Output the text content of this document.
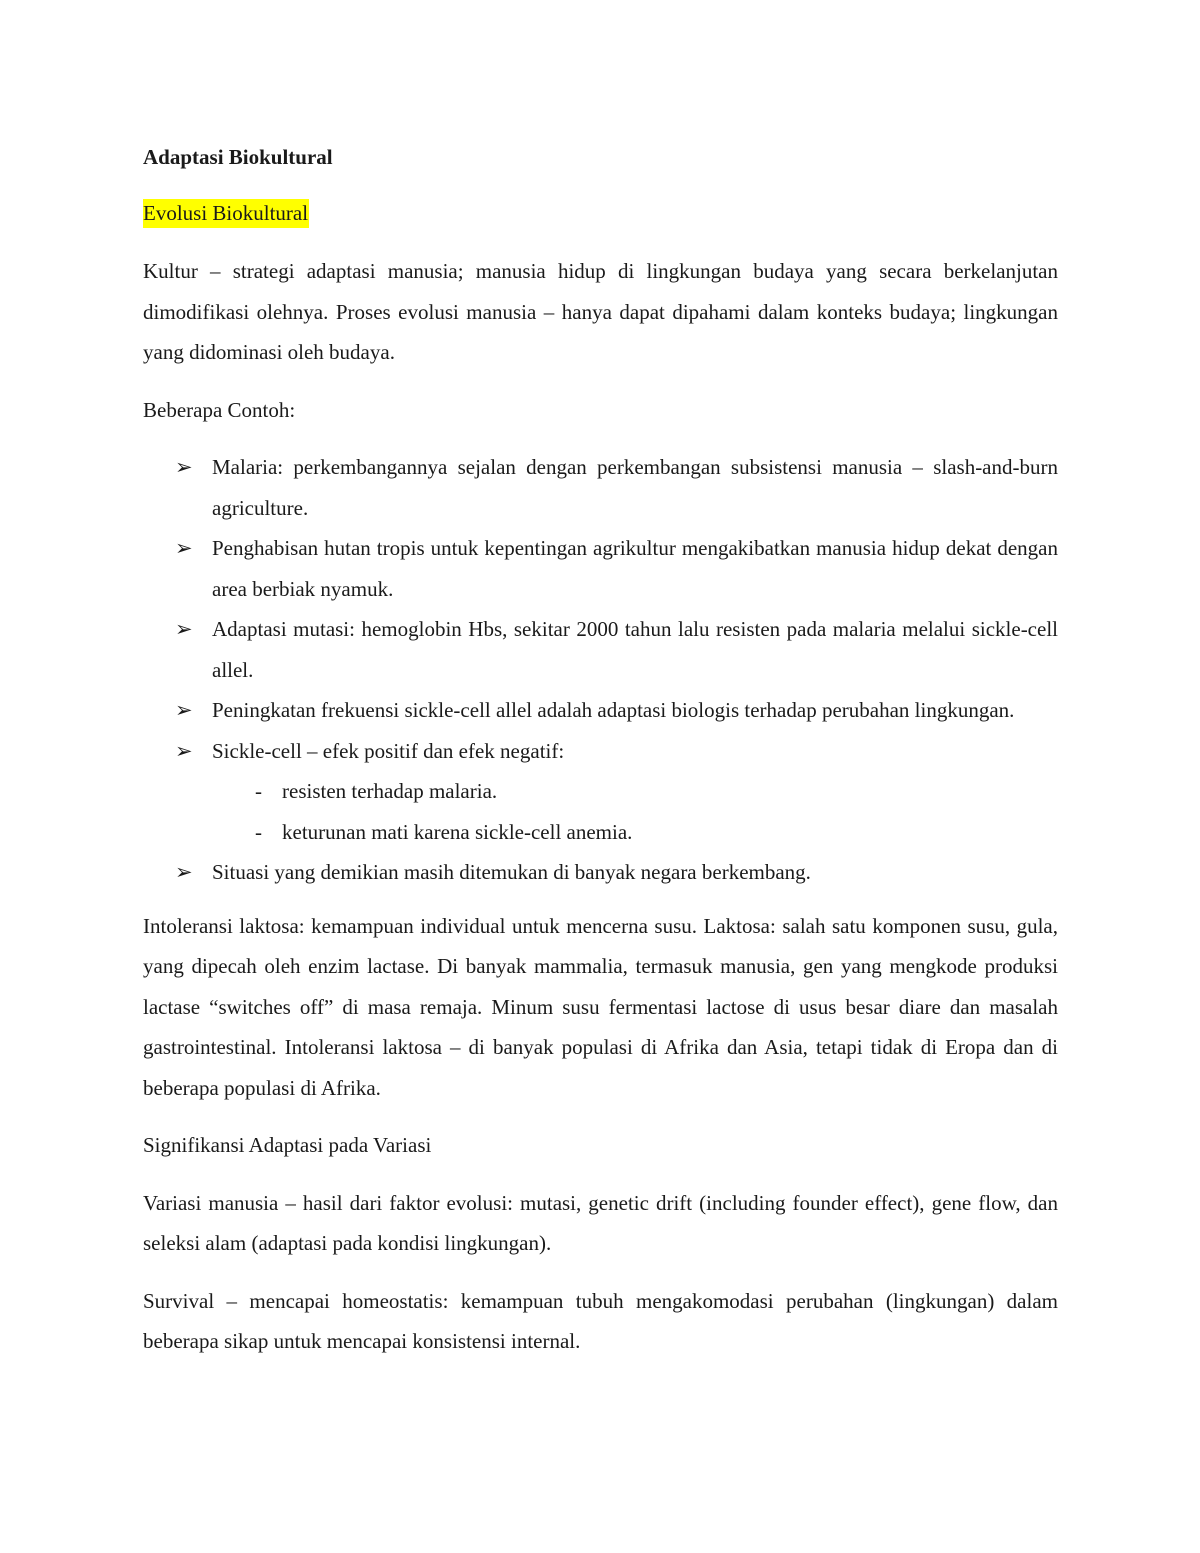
Adaptasi Biokultural
Evolusi Biokultural

Kultur – strategi adaptasi manusia; manusia hidup di lingkungan budaya yang secara berkelanjutan dimodifikasi olehnya. Proses evolusi manusia – hanya dapat dipahami dalam konteks budaya; lingkungan yang didominasi oleh budaya.

Beberapa Contoh:

➢ Malaria: perkembangannya sejalan dengan perkembangan subsistensi manusia – slash-and-burn agriculture.
➢ Penghabisan hutan tropis untuk kepentingan agrikultur mengakibatkan manusia hidup dekat dengan area berbiak nyamuk.
➢ Adaptasi mutasi: hemoglobin Hbs, sekitar 2000 tahun lalu resisten pada malaria melalui sickle-cell allel.
➢ Peningkatan frekuensi sickle-cell allel adalah adaptasi biologis terhadap perubahan lingkungan.
➢ Sickle-cell – efek positif dan efek negatif:
- resisten terhadap malaria.
- keturunan mati karena sickle-cell anemia.
➢ Situasi yang demikian masih ditemukan di banyak negara berkembang.

Intoleransi laktosa: kemampuan individual untuk mencerna susu. Laktosa: salah satu komponen susu, gula, yang dipecah oleh enzim lactase. Di banyak mammalia, termasuk manusia, gen yang mengkode produksi lactase “switches off” di masa remaja. Minum susu fermentasi lactose di usus besar diare dan masalah gastrointestinal. Intoleransi laktosa – di banyak populasi di Afrika dan Asia, tetapi tidak di Eropa dan di beberapa populasi di Afrika.

Signifikansi Adaptasi pada Variasi

Variasi manusia – hasil dari faktor evolusi: mutasi, genetic drift (including founder effect), gene flow, dan seleksi alam (adaptasi pada kondisi lingkungan).

Survival – mencapai homeostatis: kemampuan tubuh mengakomodasi perubahan (lingkungan) dalam beberapa sikap untuk mencapai konsistensi internal.
